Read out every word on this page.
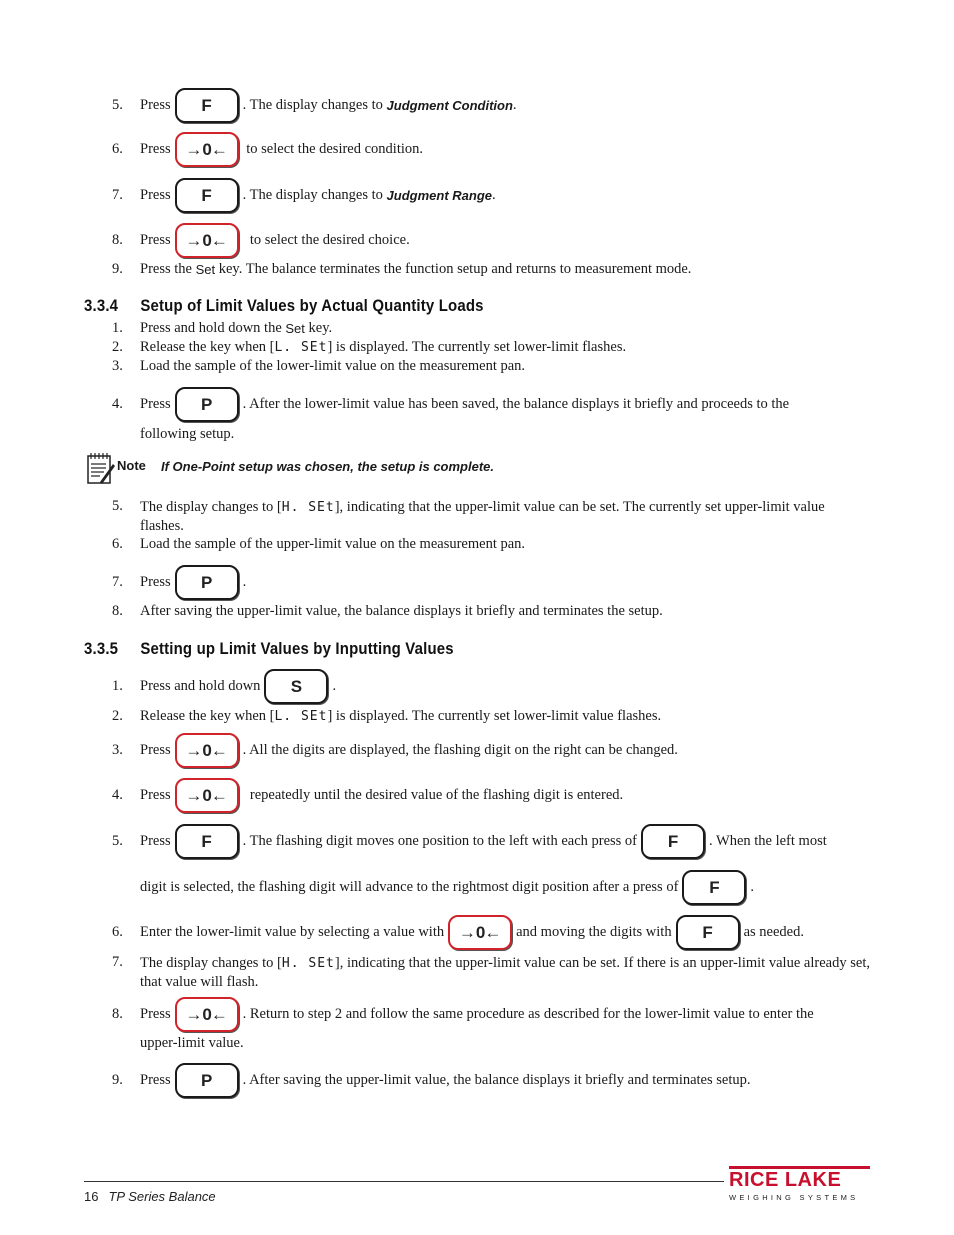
5.	Press F . The display changes to Judgment Condition .
6.	Press → 0 ←	to select the desired condition.
7.	Press F . The display changes to Judgment Range .
8.	Press → 0 ←	to select the desired choice.
9.	Press the Set key. The balance terminates the function setup and returns to measurement mode.
3.3.4 Setup of Limit Values by Actual Quantity Loads
1.	Press and hold down the Set key.
2.	Release the key when [ L. SEt ] is displayed. The currently set lower-limit flashes.
3.	Load the sample of the lower-limit value on the measurement pan.
4.	Press P . After the lower-limit value has been saved, the balance displays it briefly and proceeds to the
following setup.
Note If One-Point setup was chosen, the setup is complete.
5.	The display changes to [H. SEt], indicating that the upper-limit value can be set. The currently set upper-limit value flashes.
6.	Load the sample of the upper-limit value on the measurement pan.
7.	Press P .
8.	After saving the upper-limit value, the balance displays it briefly and terminates the setup.
3.3.5 Setting up Limit Values by Inputting Values
1.	Press and hold down S .
2.	Release the key when [ L. SEt ] is displayed. The currently set lower-limit value flashes.
3.	Press → 0 ←	. All the digits are displayed, the flashing digit on the right can be changed.
4.	Press → 0 ←	repeatedly until the desired value of the flashing digit is entered.
5.	Press F . The flashing digit moves one position to the left with each press of F . When the left most
digit is selected, the flashing digit will advance to the rightmost digit position after a press of F .
6.	Enter the lower-limit value by selecting a value with → 0 ←	and moving the digits with F as needed.
7.	The display changes to [H. SEt], indicating that the upper-limit value can be set. If there is an upper-limit value already set, that value will flash.
8.	Press → 0 ←	. Return to step 2 and follow the same procedure as described for the lower-limit value to enter the
upper-limit value.
9.	Press P . After saving the upper-limit value, the balance displays it briefly and terminates setup.
16 TP Series Balance
RICE LAKE
WEIGHING SYSTEMS
